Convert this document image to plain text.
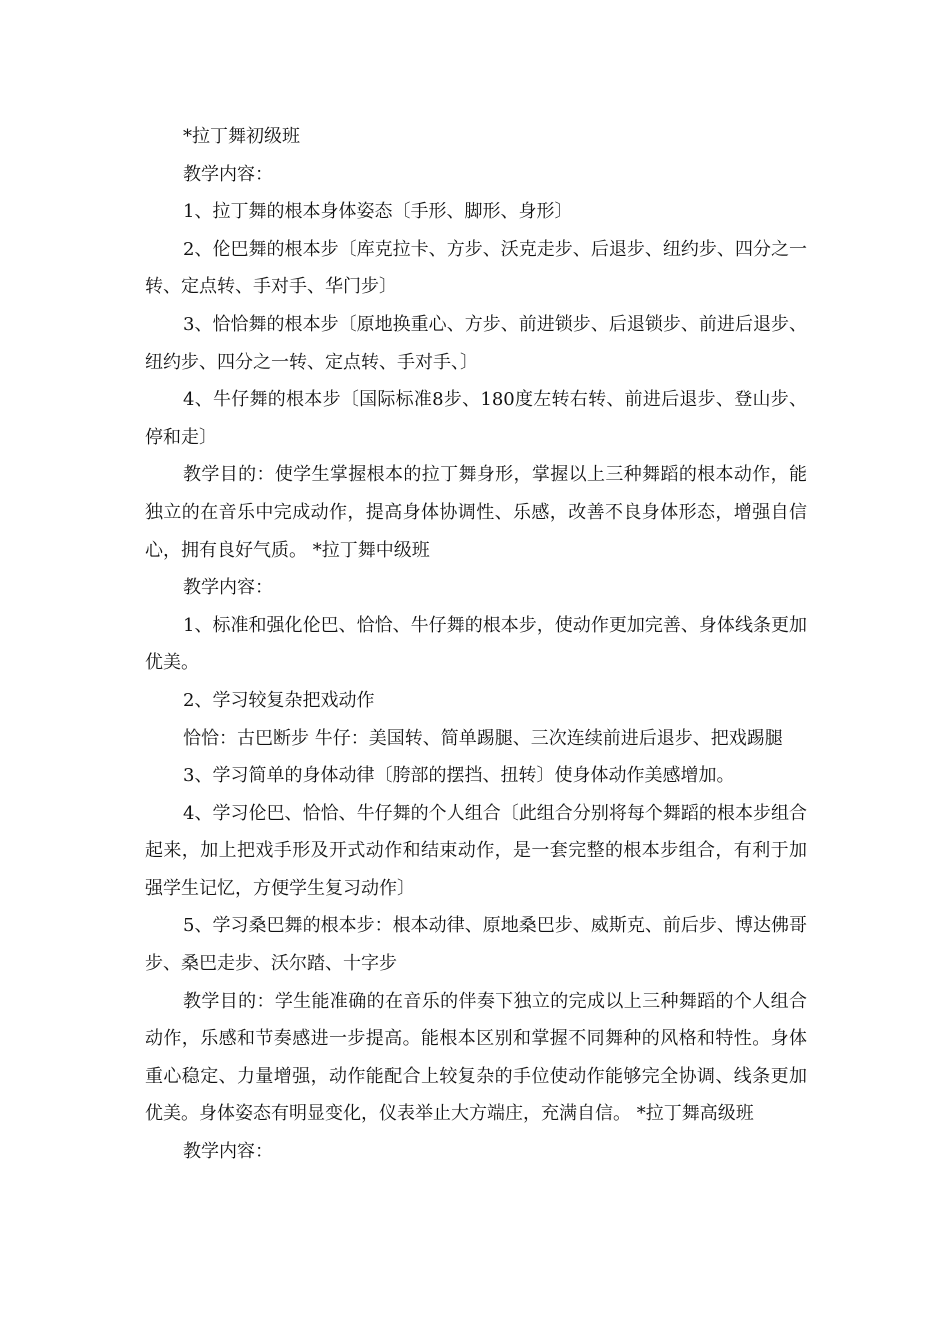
*拉丁舞初级班

教学内容：

1、拉丁舞的根本身体姿态〔手形、脚形、身形〕

2、伦巴舞的根本步〔库克拉卡、方步、沃克走步、后退步、纽约步、四分之一转、定点转、手对手、华门步〕

3、恰恰舞的根本步〔原地换重心、方步、前进锁步、后退锁步、前进后退步、纽约步、四分之一转、定点转、手对手、〕

4、牛仔舞的根本步〔国际标准8步、180度左转右转、前进后退步、登山步、停和走〕

教学目的：使学生掌握根本的拉丁舞身形，掌握以上三种舞蹈的根本动作，能独立的在音乐中完成动作，提高身体协调性、乐感，改善不良身体形态，增强自信心，拥有良好气质。 *拉丁舞中级班

教学内容：

1、标准和强化伦巴、恰恰、牛仔舞的根本步，使动作更加完善、身体线条更加优美。

2、学习较复杂把戏动作

恰恰：古巴断步 牛仔：美国转、简单踢腿、三次连续前进后退步、把戏踢腿

3、学习简单的身体动律〔胯部的摆挡、扭转〕使身体动作美感增加。

4、学习伦巴、恰恰、牛仔舞的个人组合〔此组合分别将每个舞蹈的根本步组合起来，加上把戏手形及开式动作和结束动作，是一套完整的根本步组合，有利于加强学生记忆，方便学生复习动作〕

5、学习桑巴舞的根本步：根本动律、原地桑巴步、威斯克、前后步、博达佛哥步、桑巴走步、沃尔踏、十字步

教学目的：学生能准确的在音乐的伴奏下独立的完成以上三种舞蹈的个人组合动作，乐感和节奏感进一步提高。能根本区别和掌握不同舞种的风格和特性。身体重心稳定、力量增强，动作能配合上较复杂的手位使动作能够完全协调、线条更加优美。身体姿态有明显变化，仪表举止大方端庄，充满自信。 *拉丁舞高级班

教学内容：
